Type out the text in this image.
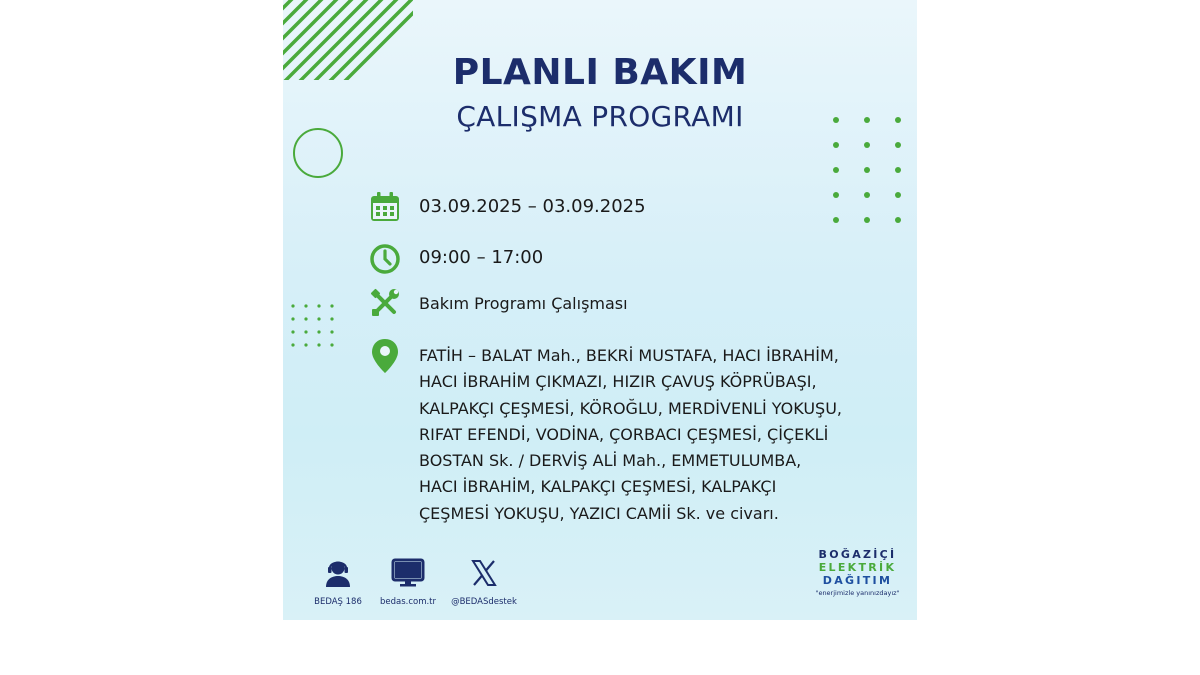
PLANLI BAKIM
ÇALIŞMA PROGRAMI
03.09.2025 – 03.09.2025
09:00 – 17:00
Bakım Programı Çalışması
FATİH – BALAT Mah., BEKRİ MUSTAFA, HACI İBRAHİM,
HACI İBRAHİM ÇIKMAZI, HIZIR ÇAVUŞ KÖPRÜBAŞI,
KALPAKÇI ÇEŞMESİ, KÖROĞLU, MERDİVENLİ YOKUŞU,
RIFAT EFENDİ, VODİNA, ÇORBACI ÇEŞMESİ, ÇİÇEKLİ
BOSTAN Sk. / DERVİŞ ALİ Mah., EMMETULUMBA,
HACI İBRAHİM, KALPAKÇI ÇEŞMESİ, KALPAKÇI
ÇEŞMESİ YOKUŞU, YAZICI CAMİİ Sk. ve civarı.
BEDAŞ 186	bedas.com.tr	@BEDASdestek
BOĞAZİÇİ
ELEKTRİK
DAĞITIM
"enerjimizle yanınızdayız"
